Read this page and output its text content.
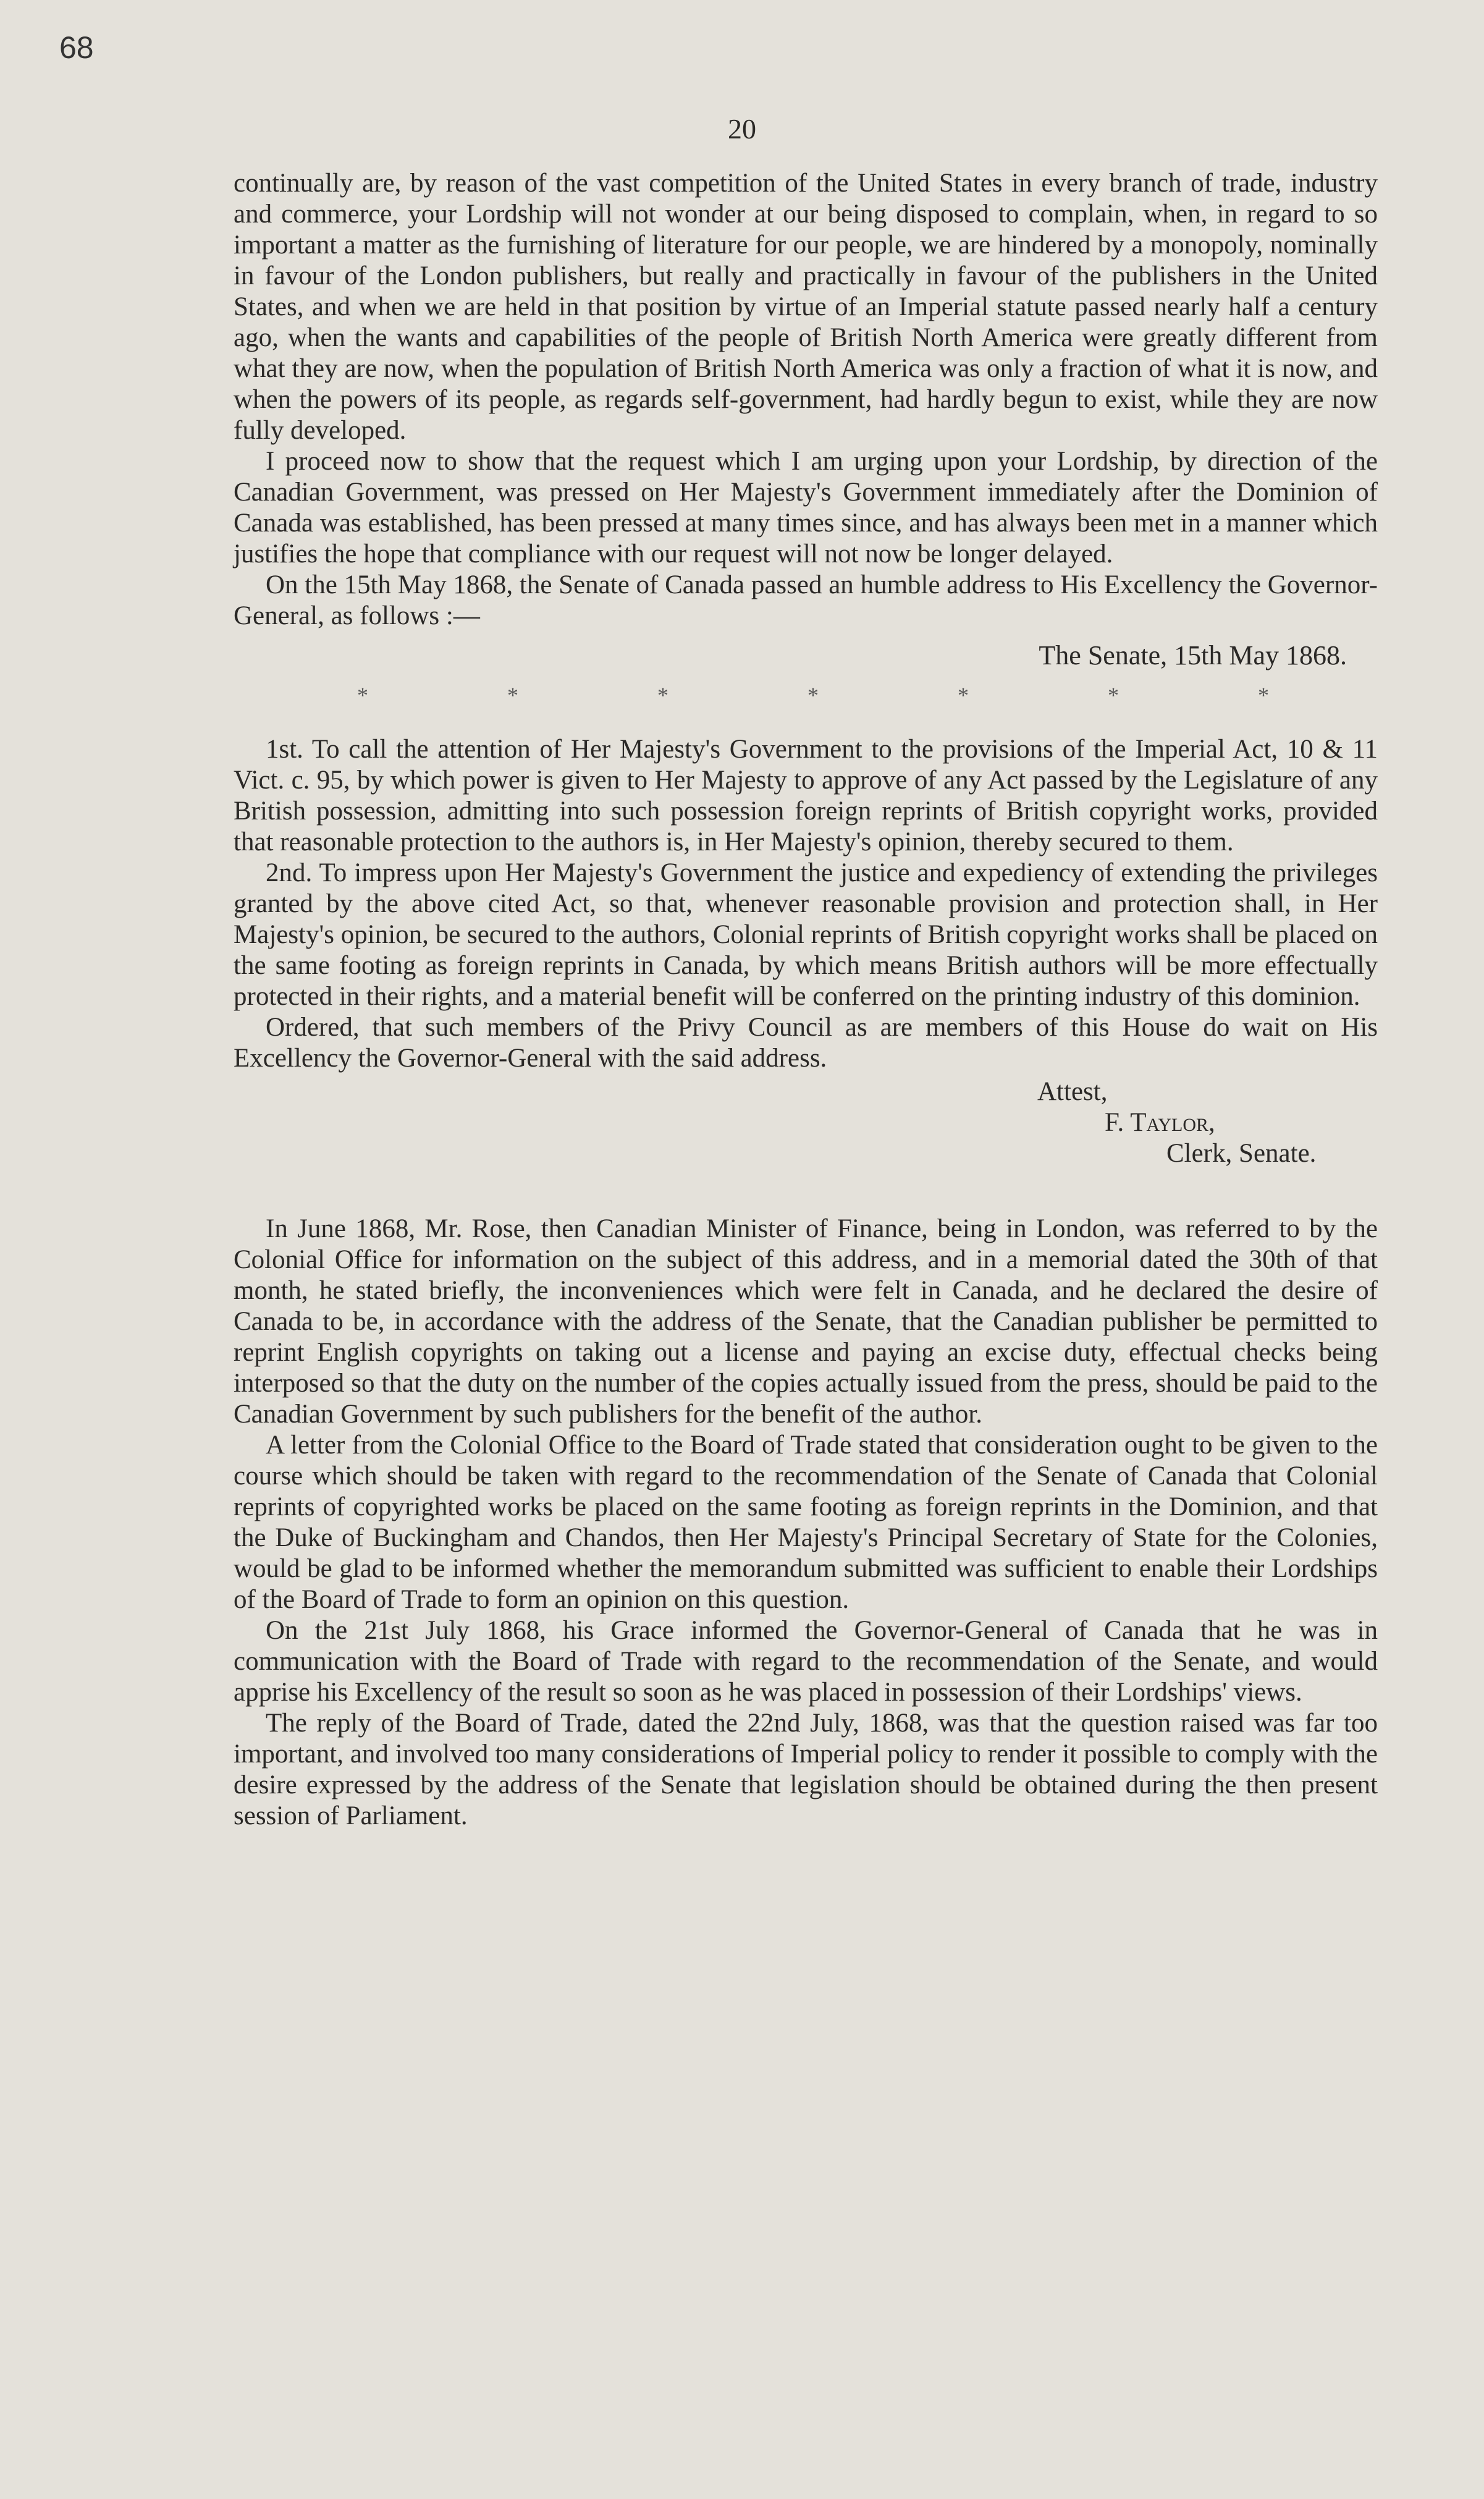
68
20

continually are, by reason of the vast competition of the United States in every branch of trade, industry and commerce, your Lordship will not wonder at our being disposed to complain, when, in regard to so important a matter as the furnishing of literature for our people, we are hindered by a monopoly, nominally in favour of the London publishers, but really and practically in favour of the publishers in the United States, and when we are held in that position by virtue of an Imperial statute passed nearly half a century ago, when the wants and capabilities of the people of British North America were greatly different from what they are now, when the population of British North America was only a fraction of what it is now, and when the powers of its people, as regards self-government, had hardly begun to exist, while they are now fully developed.

I proceed now to show that the request which I am urging upon your Lordship, by direction of the Canadian Government, was pressed on Her Majesty's Government immediately after the Dominion of Canada was established, has been pressed at many times since, and has always been met in a manner which justifies the hope that compliance with our request will not now be longer delayed.

On the 15th May 1868, the Senate of Canada passed an humble address to His Excellency the Governor-General, as follows :—

The Senate, 15th May 1868.
*	*	*	*	*	*	*

1st. To call the attention of Her Majesty's Government to the provisions of the Imperial Act, 10 & 11 Vict. c. 95, by which power is given to Her Majesty to approve of any Act passed by the Legislature of any British possession, admitting into such possession foreign reprints of British copyright works, provided that reasonable protection to the authors is, in Her Majesty's opinion, thereby secured to them.

2nd. To impress upon Her Majesty's Government the justice and expediency of extending the privileges granted by the above cited Act, so that, whenever reasonable provision and protection shall, in Her Majesty's opinion, be secured to the authors, Colonial reprints of British copyright works shall be placed on the same footing as foreign reprints in Canada, by which means British authors will be more effectually protected in their rights, and a material benefit will be conferred on the printing industry of this dominion.

Ordered, that such members of the Privy Council as are members of this House do wait on His Excellency the Governor-General with the said address.

Attest,
F. Taylor,
Clerk, Senate.

In June 1868, Mr. Rose, then Canadian Minister of Finance, being in London, was referred to by the Colonial Office for information on the subject of this address, and in a memorial dated the 30th of that month, he stated briefly, the inconveniences which were felt in Canada, and he declared the desire of Canada to be, in accordance with the address of the Senate, that the Canadian publisher be permitted to reprint English copyrights on taking out a license and paying an excise duty, effectual checks being interposed so that the duty on the number of the copies actually issued from the press, should be paid to the Canadian Government by such publishers for the benefit of the author.

A letter from the Colonial Office to the Board of Trade stated that consideration ought to be given to the course which should be taken with regard to the recommendation of the Senate of Canada that Colonial reprints of copyrighted works be placed on the same footing as foreign reprints in the Dominion, and that the Duke of Buckingham and Chandos, then Her Majesty's Principal Secretary of State for the Colonies, would be glad to be informed whether the memorandum submitted was sufficient to enable their Lordships of the Board of Trade to form an opinion on this question.

On the 21st July 1868, his Grace informed the Governor-General of Canada that he was in communication with the Board of Trade with regard to the recommendation of the Senate, and would apprise his Excellency of the result so soon as he was placed in possession of their Lordships' views.

The reply of the Board of Trade, dated the 22nd July, 1868, was that the question raised was far too important, and involved too many considerations of Imperial policy to render it possible to comply with the desire expressed by the address of the Senate that legislation should be obtained during the then present session of Parliament.
